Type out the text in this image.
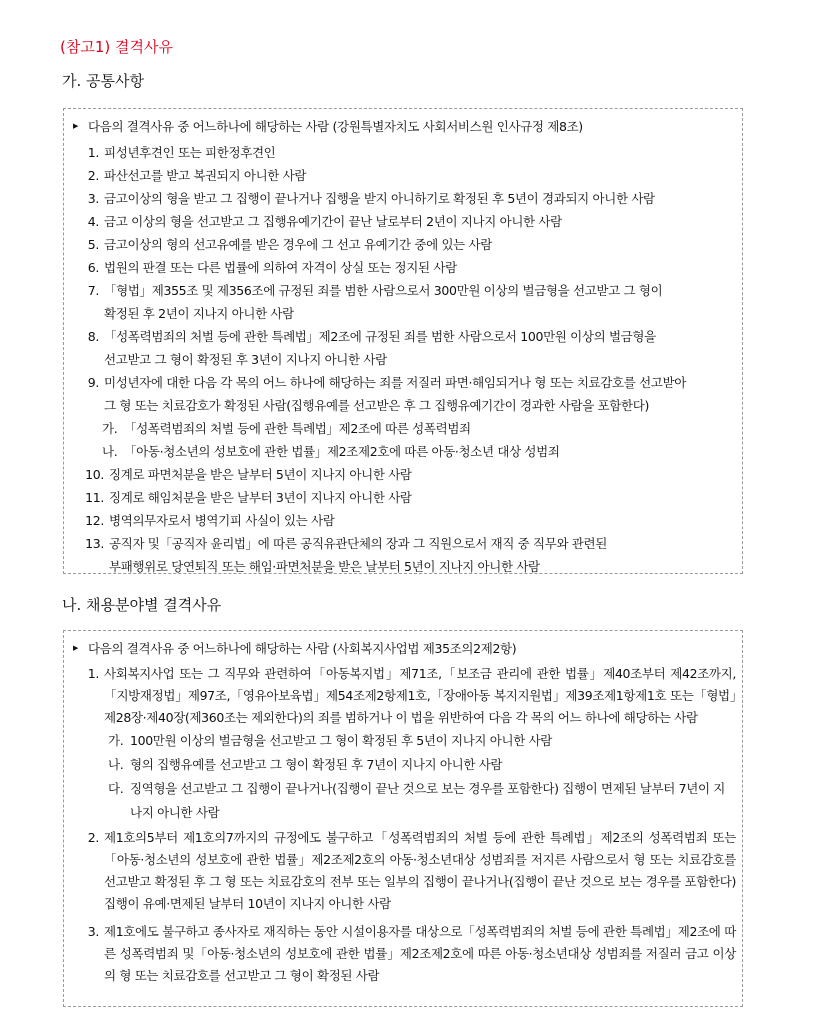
(참고1) 결격사유
가. 공통사항
▶ 다음의 결격사유 중 어느하나에 해당하는 사람 (강원특별자치도 사회서비스원 인사규정 제8조)
1. 피성년후견인 또는 피한정후견인
2. 파산선고를 받고 복권되지 아니한 사람
3. 금고이상의 형을 받고 그 집행이 끝나거나 집행을 받지 아니하기로 확정된 후 5년이 경과되지 아니한 사람
4. 금고 이상의 형을 선고받고 그 집행유예기간이 끝난 날로부터 2년이 지나지 아니한 사람
5. 금고이상의 형의 선고유예를 받은 경우에 그 선고 유예기간 중에 있는 사람
6. 법원의 판결 또는 다른 법률에 의하여 자격이 상실 또는 정지된 사람
7. 「형법」제355조 및 제356조에 규정된 죄를 범한 사람으로서 300만원 이상의 벌금형을 선고받고 그 형이
확정된 후 2년이 지나지 아니한 사람
8. 「성폭력범죄의 처벌 등에 관한 특례법」제2조에 규정된 죄를 범한 사람으로서 100만원 이상의 벌금형을
선고받고 그 형이 확정된 후 3년이 지나지 아니한 사람
9. 미성년자에 대한 다음 각 목의 어느 하나에 해당하는 죄를 저질러 파면·해임되거나 형 또는 치료감호를 선고받아
그 형 또는 치료감호가 확정된 사람(집행유예를 선고받은 후 그 집행유예기간이 경과한 사람을 포함한다)
가. 「성폭력범죄의 처벌 등에 관한 특례법」제2조에 따른 성폭력범죄
나. 「아동·청소년의 성보호에 관한 법률」제2조제2호에 따른 아동·청소년 대상 성범죄
10. 징계로 파면처분을 받은 날부터 5년이 지나지 아니한 사람
11. 징계로 해임처분을 받은 날부터 3년이 지나지 아니한 사람
12. 병역의무자로서 병역기피 사실이 있는 사람
13. 공직자 및「공직자 윤리법」에 따른 공직유관단체의 장과 그 직원으로서 재직 중 직무와 관련된
부패행위로 당연퇴직 또는 해임·파면처분을 받은 날부터 5년이 지나지 아니한 사람
나. 채용분야별 결격사유
▶ 다음의 결격사유 중 어느하나에 해당하는 사람 (사회복지사업법 제35조의2제2항)
1. 사회복지사업 또는 그 직무와 관련하여「아동복지법」제71조,「보조금 관리에 관한 법률」제40조부터 제42조까지,「지방재정법」제97조,「영유아보육법」제54조제2항제1호,「장애아동 복지지원법」제39조제1항제1호 또는「형법」제28장·제40장(제360조는 제외한다)의 죄를 범하거나 이 법을 위반하여 다음 각 목의 어느 하나에 해당하는 사람
가. 100만원 이상의 벌금형을 선고받고 그 형이 확정된 후 5년이 지나지 아니한 사람
나. 형의 집행유예를 선고받고 그 형이 확정된 후 7년이 지나지 아니한 사람
다. 징역형을 선고받고 그 집행이 끝나거나(집행이 끝난 것으로 보는 경우를 포함한다) 집행이 면제된 날부터 7년이 지나지 아니한 사람
2. 제1호의5부터 제1호의7까지의 규정에도 불구하고「성폭력범죄의 처벌 등에 관한 특례법」제2조의 성폭력범죄 또는「아동·청소년의 성보호에 관한 법률」제2조제2호의 아동·청소년대상 성범죄를 저지른 사람으로서 형 또는 치료감호를 선고받고 확정된 후 그 형 또는 치료감호의 전부 또는 일부의 집행이 끝나거나(집행이 끝난 것으로 보는 경우를 포함한다) 집행이 유예·면제된 날부터 10년이 지나지 아니한 사람
3. 제1호에도 불구하고 종사자로 재직하는 동안 시설이용자를 대상으로「성폭력범죄의 처벌 등에 관한 특례법」제2조에 따른 성폭력범죄 및「아동·청소년의 성보호에 관한 법률」제2조제2호에 따른 아동·청소년대상 성범죄를 저질러 금고 이상의 형 또는 치료감호를 선고받고 그 형이 확정된 사람
